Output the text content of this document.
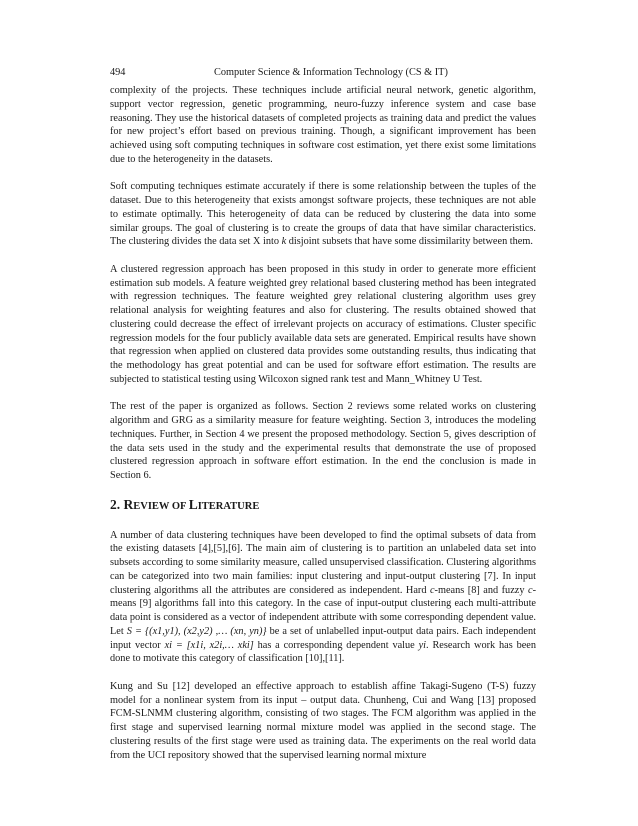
494	Computer Science & Information Technology (CS & IT)

complexity of the projects. These techniques include artificial neural network, genetic algorithm, support vector regression, genetic programming, neuro-fuzzy inference system and case base reasoning. They use the historical datasets of completed projects as training data and predict the values for new project’s effort based on previous training. Though, a significant improvement has been achieved using soft computing techniques in software cost estimation, yet there exist some limitations due to the heterogeneity in the datasets.

Soft computing techniques estimate accurately if there is some relationship between the tuples of the dataset. Due to this heterogeneity that exists amongst software projects, these techniques are not able to estimate optimally. This heterogeneity of data can be reduced by clustering the data into some similar groups. The goal of clustering is to create the groups of data that have similar characteristics. The clustering divides the data set X into k disjoint subsets that have some dissimilarity between them.

A clustered regression approach has been proposed in this study in order to generate more efficient estimation sub models. A feature weighted grey relational based clustering method has been integrated with regression techniques. The feature weighted grey relational clustering algorithm uses grey relational analysis for weighting features and also for clustering. The results obtained showed that clustering could decrease the effect of irrelevant projects on accuracy of estimations. Cluster specific regression models for the four publicly available data sets are generated. Empirical results have shown that regression when applied on clustered data provides some outstanding results, thus indicating that the methodology has great potential and can be used for software effort estimation. The results are subjected to statistical testing using Wilcoxon signed rank test and Mann_Whitney U Test.

The rest of the paper is organized as follows. Section 2 reviews some related works on clustering algorithm and GRG as a similarity measure for feature weighting. Section 3, introduces the modeling techniques. Further, in Section 4 we present the proposed methodology. Section 5, gives description of the data sets used in the study and the experimental results that demonstrate the use of proposed clustered regression approach in software effort estimation. In the end the conclusion is made in Section 6.

2. REVIEW OF LITERATURE

A number of data clustering techniques have been developed to find the optimal subsets of data from the existing datasets [4],[5],[6]. The main aim of clustering is to partition an unlabeled data set into subsets according to some similarity measure, called unsupervised classification. Clustering algorithms can be categorized into two main families: input clustering and input-output clustering [7]. In input clustering algorithms all the attributes are considered as independent. Hard c-means [8] and fuzzy c-means [9] algorithms fall into this category. In the case of input-output clustering each multi-attribute data point is considered as a vector of independent attribute with some corresponding dependent value. Let S = {(x1,y1), (x2,y2) ,… (xn, yn)} be a set of unlabelled input-output data pairs. Each independent input vector xi = [x1i, x2i,… xki] has a corresponding dependent value yi. Research work has been done to motivate this category of classification [10],[11].

Kung and Su [12] developed an effective approach to establish affine Takagi-Sugeno (T-S) fuzzy model for a nonlinear system from its input – output data. Chunheng, Cui and Wang [13] proposed FCM-SLNMM clustering algorithm, consisting of two stages. The FCM algorithm was applied in the first stage and supervised learning normal mixture model was applied in the second stage. The clustering results of the first stage were used as training data. The experiments on the real world data from the UCI repository showed that the supervised learning normal mixture
